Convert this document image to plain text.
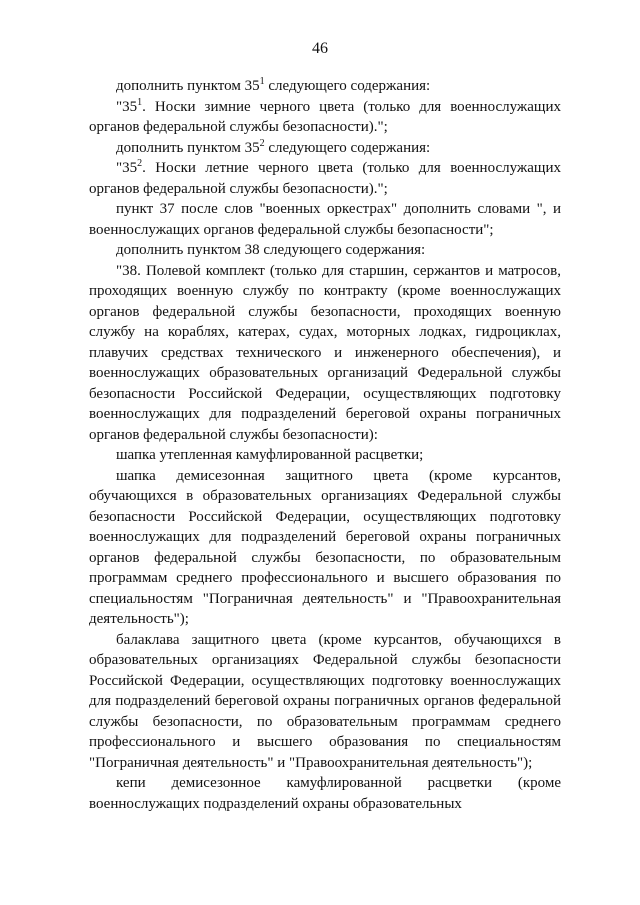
46

дополнить пунктом $35^1$ следующего содержания:

"$35^1$. Носки зимние черного цвета (только для военнослужащих органов федеральной службы безопасности).";

дополнить пунктом $35^2$ следующего содержания:

"$35^2$. Носки летние черного цвета (только для военнослужащих органов федеральной службы безопасности).";

пункт 37 после слов "военных оркестрах" дополнить словами ", и военнослужащих органов федеральной службы безопасности";

дополнить пунктом 38 следующего содержания:

"38. Полевой комплект (только для старшин, сержантов и матросов, проходящих военную службу по контракту (кроме военнослужащих органов федеральной службы безопасности, проходящих военную службу на кораблях, катерах, судах, моторных лодках, гидроциклах, плавучих средствах технического и инженерного обеспечения), и военнослужащих образовательных организаций Федеральной службы безопасности Российской Федерации, осуществляющих подготовку военнослужащих для подразделений береговой охраны пограничных органов федеральной службы безопасности):

шапка утепленная камуфлированной расцветки;

шапка демисезонная защитного цвета (кроме курсантов, обучающихся в образовательных организациях Федеральной службы безопасности Российской Федерации, осуществляющих подготовку военнослужащих для подразделений береговой охраны пограничных органов федеральной службы безопасности, по образовательным программам среднего профессионального и высшего образования по специальностям "Пограничная деятельность" и "Правоохранительная деятельность");

балаклава защитного цвета (кроме курсантов, обучающихся в образовательных организациях Федеральной службы безопасности Российской Федерации, осуществляющих подготовку военнослужащих для подразделений береговой охраны пограничных органов федеральной службы безопасности, по образовательным программам среднего профессионального и высшего образования по специальностям "Пограничная деятельность" и "Правоохранительная деятельность");

кепи демисезонное камуфлированной расцветки (кроме военнослужащих подразделений охраны образовательных
